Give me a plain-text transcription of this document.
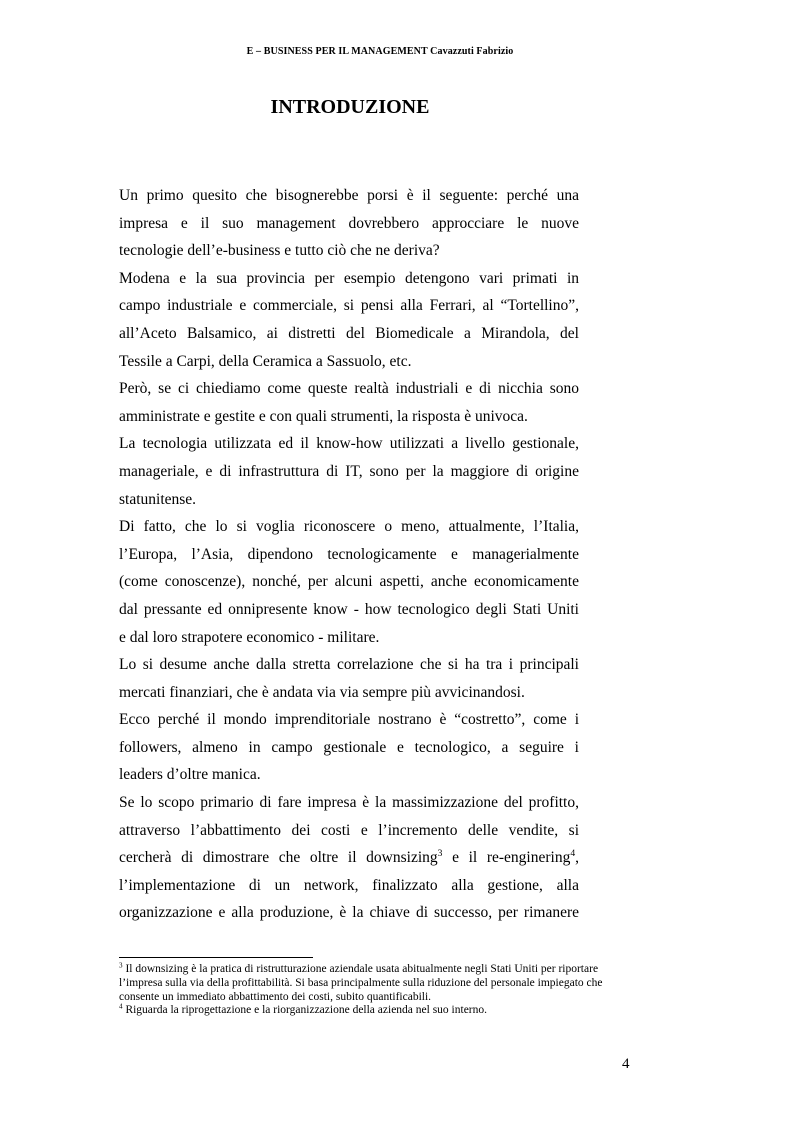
E – BUSINESS PER IL MANAGEMENT Cavazzuti Fabrizio
INTRODUZIONE

Un primo quesito che bisognerebbe porsi è il seguente: perché una
impresa e il suo management dovrebbero approcciare le nuove
tecnologie dell’e-business e tutto ciò che ne deriva?

Modena e la sua provincia per esempio detengono vari primati in
campo industriale e commerciale, si pensi alla Ferrari, al “Tortellino”,
all’Aceto Balsamico, ai distretti del Biomedicale a Mirandola, del
Tessile a Carpi, della Ceramica a Sassuolo, etc.

Però, se ci chiediamo come queste realtà industriali e di nicchia sono
amministrate e gestite e con quali strumenti, la risposta è univoca.

La tecnologia utilizzata ed il know-how utilizzati a livello gestionale,
manageriale, e di infrastruttura di IT, sono per la maggiore di origine
statunitense.

Di fatto, che lo si voglia riconoscere o meno, attualmente, l’Italia,
l’Europa, l’Asia, dipendono tecnologicamente e managerialmente
(come conoscenze), nonché, per alcuni aspetti, anche economicamente
dal pressante ed onnipresente know - how tecnologico degli Stati Uniti
e dal loro strapotere economico - militare.

Lo si desume anche dalla stretta correlazione che si ha tra i principali
mercati finanziari, che è andata via via sempre più avvicinandosi.

Ecco perché il mondo imprenditoriale nostrano è “costretto”, come i
followers, almeno in campo gestionale e tecnologico, a seguire i
leaders d’oltre manica.

Se lo scopo primario di fare impresa è la massimizzazione del profitto,
attraverso l’abbattimento dei costi e l’incremento delle vendite, si
cercherà di dimostrare che oltre il downsizing$^3$ e il re-enginering$^4$,
l’implementazione di un network, finalizzato alla gestione, alla
organizzazione e alla produzione, è la chiave di successo, per rimanere

$^3$ Il downsizing è la pratica di ristrutturazione aziendale usata abitualmente negli Stati Uniti per riportare l’impresa sulla via della profittabilità. Si basa principalmente sulla riduzione del personale impiegato che consente un immediato abbattimento dei costi, subito quantificabili.

$^4$ Riguarda la riprogettazione e la riorganizzazione della azienda nel suo interno.

4
